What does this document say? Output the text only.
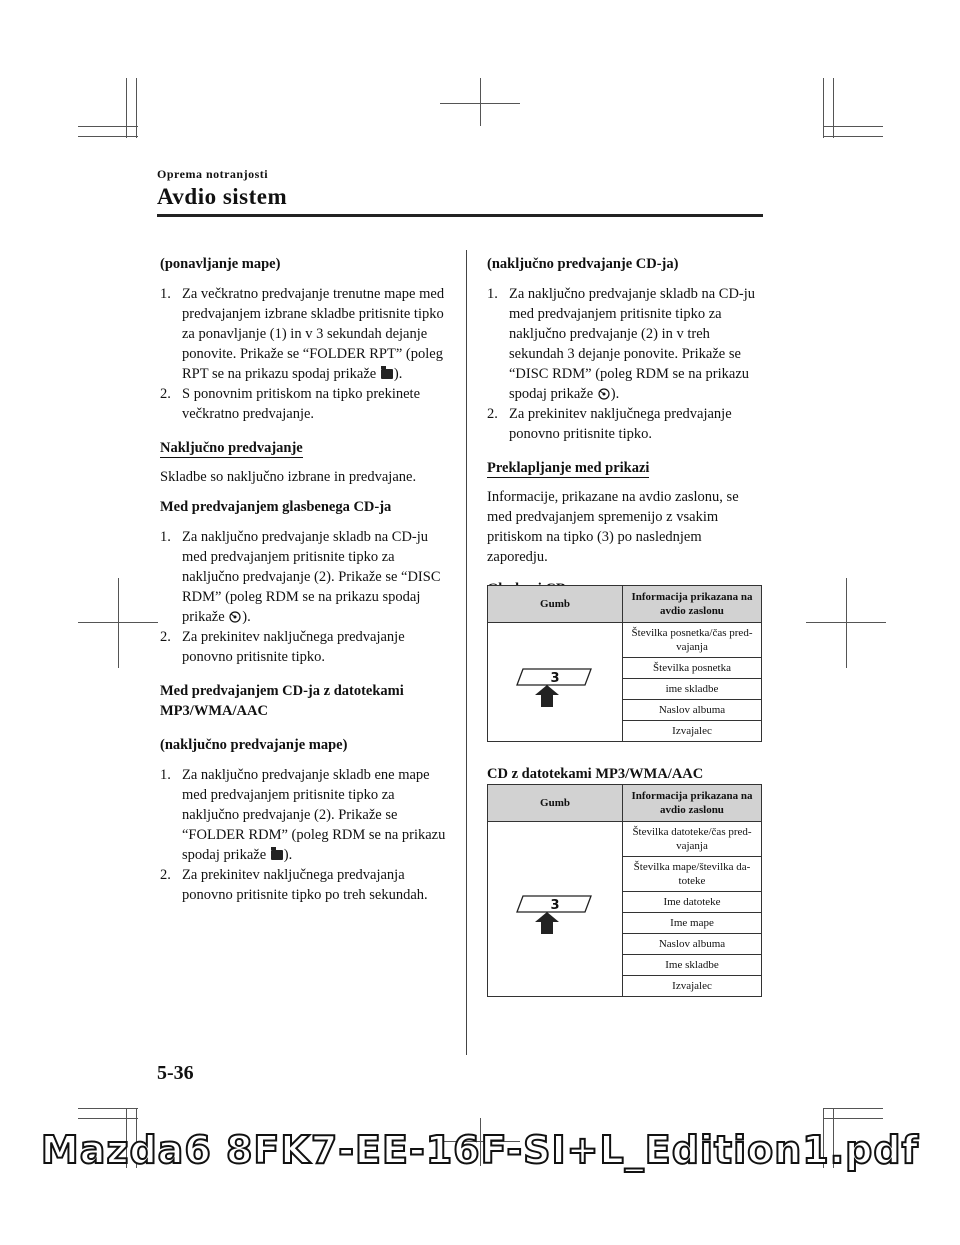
Oprema notranjosti
Avdio sistem

(ponavljanje mape)

1. Za večkratno predvajanje trenutne mape med predvajanjem izbrane skladbe pritisnite tipko za ponavljanje (1) in v 3 sekundah dejanje ponovite. Prikaže se “FOLDER RPT” (poleg RPT se na prikazu spodaj prikaže ).
2. S ponovnim pritiskom na tipko prekinete večkratno predvajanje.

Naključno predvajanje

Skladbe so naključno izbrane in predvajane.

Med predvajanjem glasbenega CD-ja

1. Za naključno predvajanje skladb na CD-ju med predvajanjem pritisnite tipko za naključno predvajanje (2). Prikaže se “DISC RDM” (poleg RDM se na prikazu spodaj prikaže ).
2. Za prekinitev naključnega predvajanje ponovno pritisnite tipko.

Med predvajanjem CD-ja z datotekami MP3/WMA/AAC

(naključno predvajanje mape)

1. Za naključno predvajanje skladb ene mape med predvajanjem pritisnite tipko za naključno predvajanje (2). Prikaže se “FOLDER RDM” (poleg RDM se na prikazu spodaj prikaže ).
2. Za prekinitev naključnega predvajanja ponovno pritisnite tipko po treh sekundah.

(naključno predvajanje CD-ja)

1. Za naključno predvajanje skladb na CD-ju med predvajanjem pritisnite tipko za naključno predvajanje (2) in v treh sekundah 3 dejanje ponovite. Prikaže se “DISC RDM” (poleg RDM se na prikazu spodaj prikaže ).
2. Za prekinitev naključnega predvajanje ponovno pritisnite tipko.

Preklapljanje med prikazi

Informacije, prikazane na avdio zaslonu, se med predvajanjem spremenijo z vsakim pritiskom na tipko (3) po naslednjem zaporedju.

Gumb	Informacija prikazana na avdio zaslonu

3	Številka posnetka/čas pred-vajanja
	Številka posnetka
	ime skladbe
	Naslov albuma
	Izvajalec

CD z datotekami MP3/WMA/AAC

Gumb	Informacija prikazana na avdio zaslonu

3	Številka datoteke/čas pred-vajanja
	Številka mape/številka da-toteke
	Ime datoteke
	Ime mape
	Naslov albuma
	Ime skladbe
	Izvajalec
5-36
Mazda6 8FK7-EE-16F-SI+L_Edition1.pdf
